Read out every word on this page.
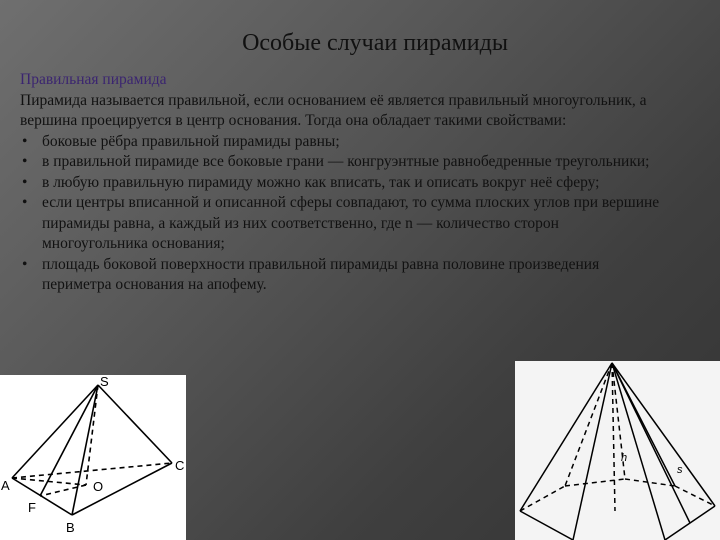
Особые случаи пирамиды
Правильная пирамида

Пирамида называется правильной, если основанием её является правильный многоугольник, а вершина проецируется в центр основания. Тогда она обладает такими свойствами:

• боковые рёбра правильной пирамиды равны;
• в правильной пирамиде все боковые грани — конгруэнтные равнобедренные треугольники;
• в любую правильную пирамиду можно как вписать, так и описать вокруг неё сферу;
• если центры вписанной и описанной сферы совпадают, то сумма плоских углов при вершине пирамиды равна, а каждый из них соответственно, где n — количество сторон многоугольника основания;
• площадь боковой поверхности правильной пирамиды равна половине произведения периметра основания на апофему.
S
A
B
C
O
F
h
s
